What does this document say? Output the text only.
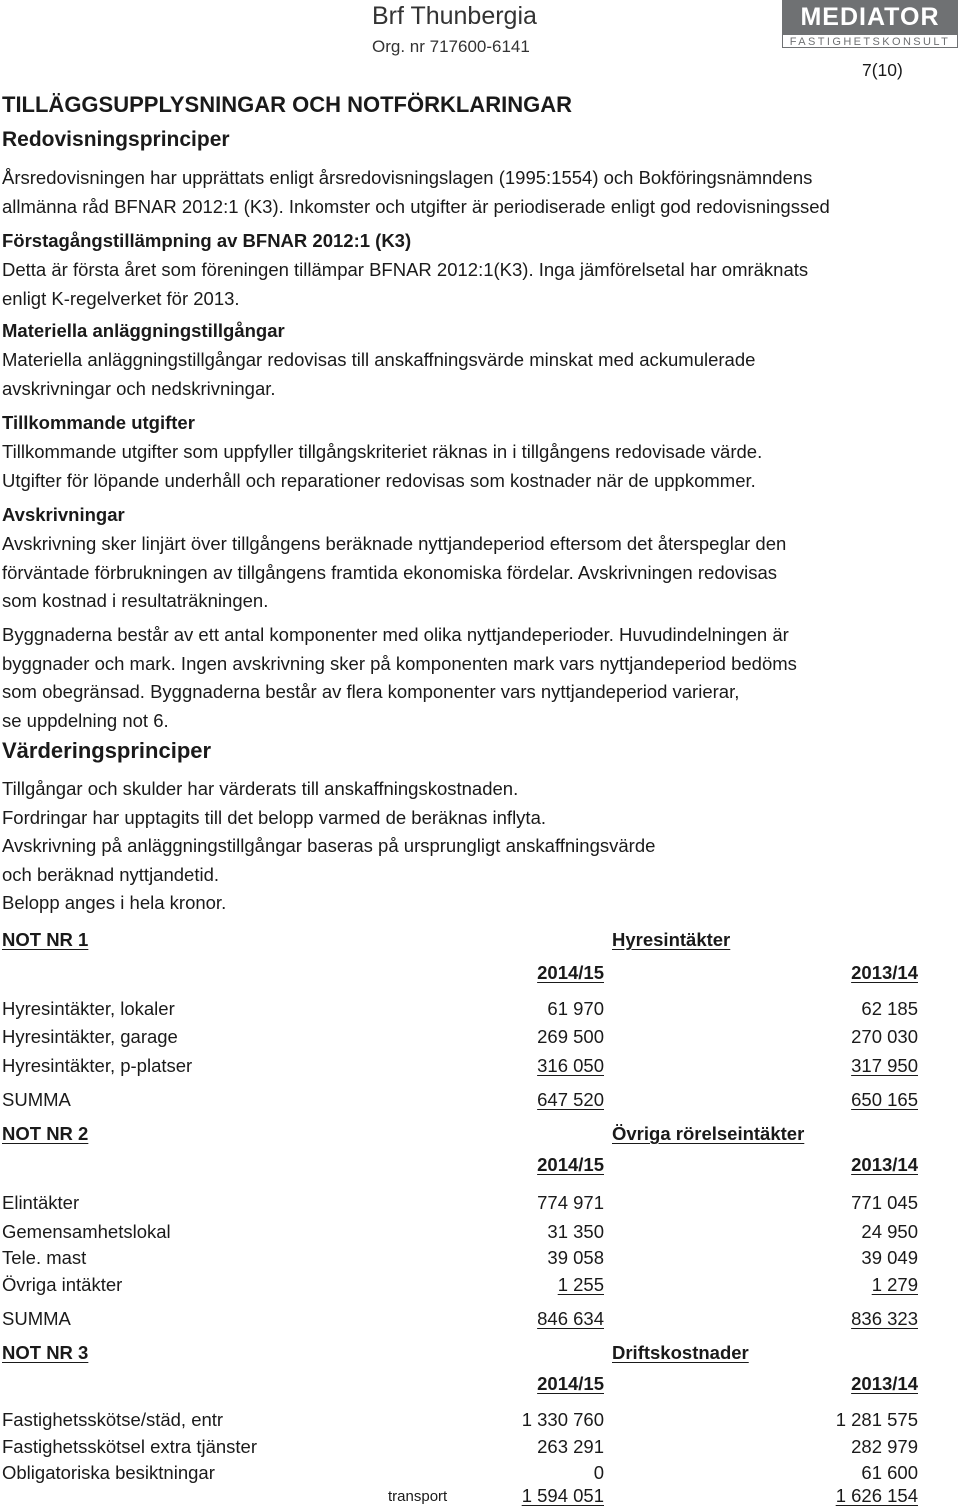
Brf Thunbergia
Org. nr 717600-6141
MEDIATOR
FASTIGHETSKONSULT
7(10)
TILLÄGGSUPPLYSNINGAR OCH NOTFÖRKLARINGAR
Redovisningsprinciper
Årsredovisningen har upprättats enligt årsredovisningslagen (1995:1554) och Bokföringsnämndens
allmänna råd BFNAR 2012:1 (K3). Inkomster och utgifter är periodiserade enligt god redovisningssed
Förstagångstillämpning av BFNAR 2012:1 (K3)
Detta är första året som föreningen tillämpar BFNAR 2012:1(K3). Inga jämförelsetal har omräknats
enligt K-regelverket för 2013.
Materiella anläggningstillgångar
Materiella anläggningstillgångar redovisas till anskaffningsvärde minskat med ackumulerade
avskrivningar och nedskrivningar.
Tillkommande utgifter
Tillkommande utgifter som uppfyller tillgångskriteriet räknas in i tillgångens redovisade värde.
Utgifter för löpande underhåll och reparationer redovisas som kostnader när de uppkommer.
Avskrivningar
Avskrivning sker linjärt över tillgångens beräknade nyttjandeperiod eftersom det återspeglar den
förväntade förbrukningen av tillgångens framtida ekonomiska fördelar. Avskrivningen redovisas
som kostnad i resultaträkningen.
Byggnaderna består av ett antal komponenter med olika nyttjandeperioder. Huvudindelningen är
byggnader och mark. Ingen avskrivning sker på komponenten mark vars nyttjandeperiod bedöms
som obegränsad. Byggnaderna består av flera komponenter vars nyttjandeperiod varierar,
se uppdelning not 6.
Värderingsprinciper
Tillgångar och skulder har värderats till anskaffningskostnaden.
Fordringar har upptagits till det belopp varmed de beräknas inflyta.
Avskrivning på anläggningstillgångar baseras på ursprungligt anskaffningsvärde
och beräknad nyttjandetid.
Belopp anges i hela kronor.
NOT NR 1	Hyresintäkter
2014/15	2013/14
Hyresintäkter, lokaler	61 970	62 185
Hyresintäkter, garage	269 500	270 030
Hyresintäkter, p-platser	316 050	317 950
SUMMA	647 520	650 165
NOT NR 2	Övriga rörelseintäkter
2014/15	2013/14
Elintäkter	774 971	771 045
Gemensamhetslokal	31 350	24 950
Tele. mast	39 058	39 049
Övriga intäkter	1 255	1 279
SUMMA	846 634	836 323
NOT NR 3	Driftskostnader
2014/15	2013/14
Fastighetsskötse/städ, entr	1 330 760	1 281 575
Fastighetsskötsel extra tjänster	263 291	282 979
Obligatoriska besiktningar	0	61 600
transport	1 594 051	1 626 154
